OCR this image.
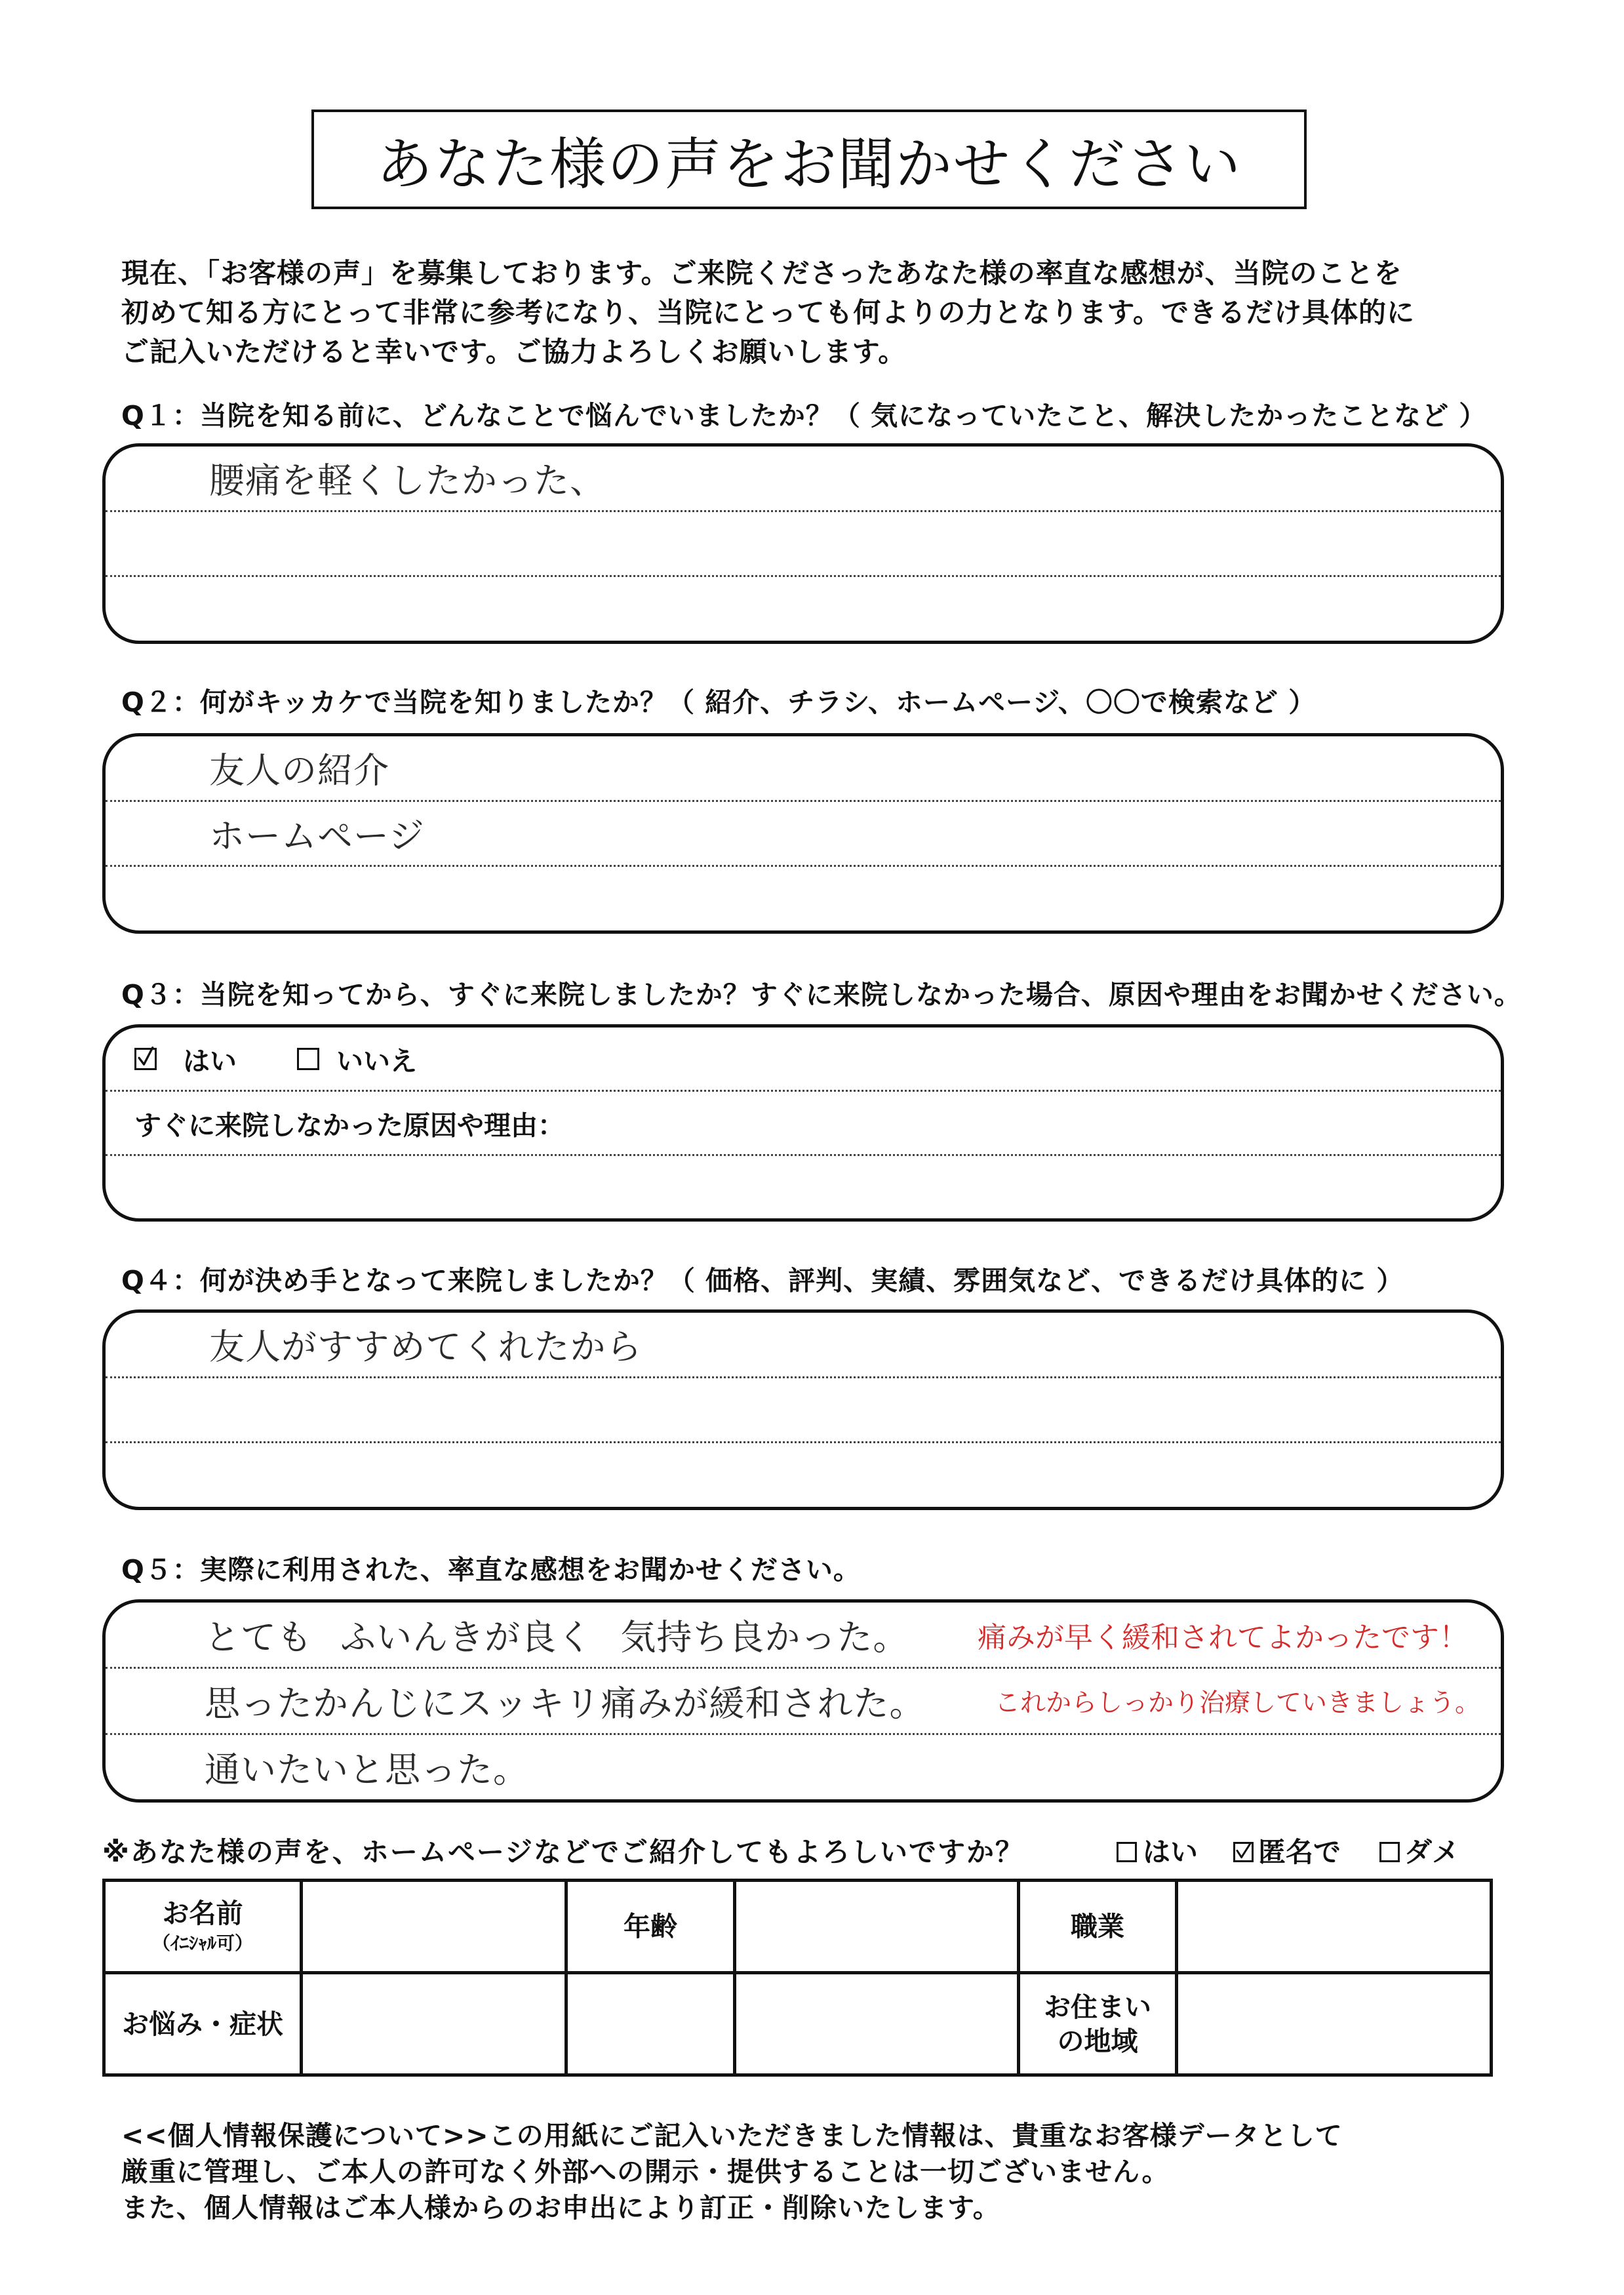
あなた様の声をお聞かせください
現在、「お客様の声」を募集しております。ご来院くださったあなた様の率直な感想が、当院のことを
初めて知る方にとって非常に参考になり、当院にとっても何よりの力となります。できるだけ具体的に
ご記入いただけると幸いです。ご協力よろしくお願いします。
Q１：当院を知る前に、どんなことで悩んでいましたか？（ 気になっていたこと、解決したかったことなど ）
腰痛を軽くしたかった、
Q２：何がキッカケで当院を知りましたか？（ 紹介、チラシ、ホームページ、〇〇で検索など ）
友人の紹介
ホームページ
Q３：当院を知ってから、すぐに来院しましたか？すぐに来院しなかった場合、原因や理由をお聞かせください。
はい	いいえ
すぐに来院しなかった原因や理由：
Q４：何が決め手となって来院しましたか？（ 価格、評判、実績、雰囲気など、できるだけ具体的に ）
友人がすすめてくれたから
Q５：実際に利用された、率直な感想をお聞かせください。
とても ふいんきが良く 気持ち良かった。 痛みが早く緩和されてよかったです！
思ったかんじにスッキリ痛みが緩和された。	これからしっかり治療していきましょう。
通いたいと思った。
※あなた様の声を、ホームページなどでご紹介してもよろしいですか？	はい 匿名で ダメ
お名前
（ｲﾆｼｬﾙ可）		年齢		職業	
お悩み・症状				お住まい
の地域	

<<個人情報保護について>>この用紙にご記入いただきました情報は、貴重なお客様データとして
厳重に管理し、ご本人の許可なく外部への開示・提供することは一切ございません。
また、個人情報はご本人様からのお申出により訂正・削除いたします。
